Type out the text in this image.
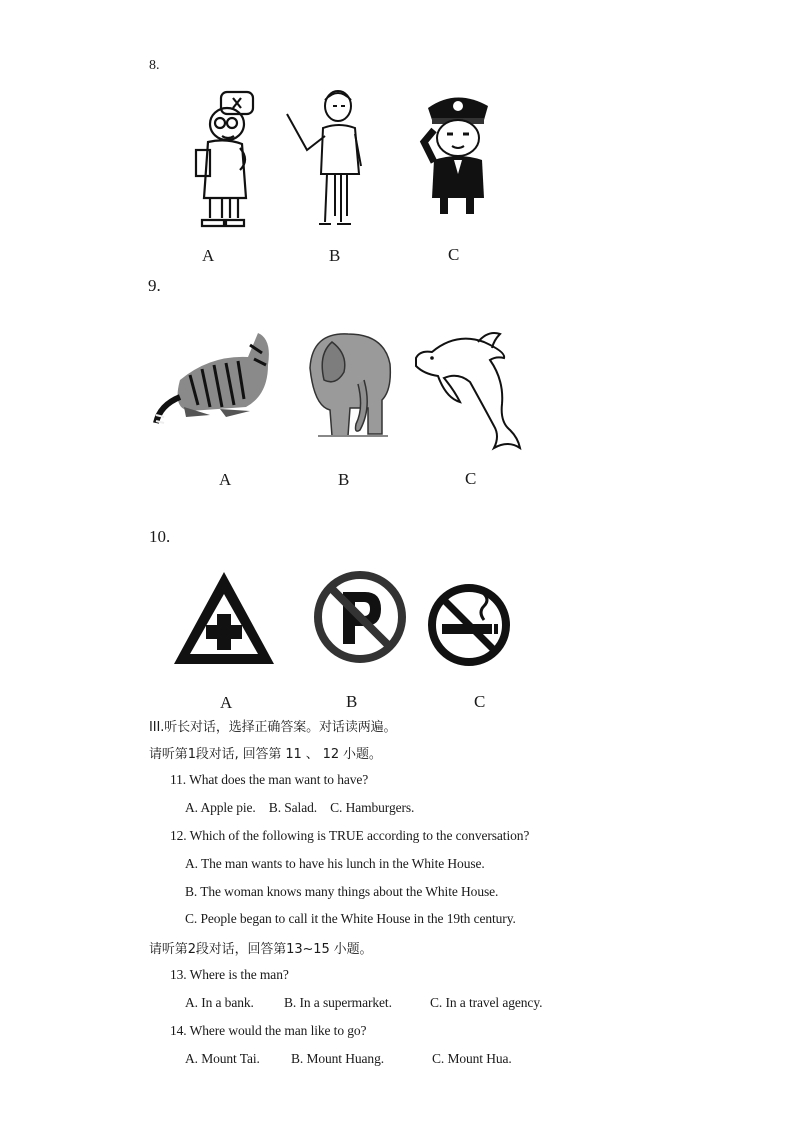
8.
A	B	C
9.
A	B	C
10.
A	B	C
III.听长对话，选择正确答案。对话读两遍。
请听第1段对话, 回答第 11 、 12 小题。
11. What does the man want to have?
A. Apple pie.    B. Salad.    C. Hamburgers.
12. Which of the following is TRUE according to the conversation?
A. The man wants to have his lunch in the White House.
B. The woman knows many things about the White House.
C. People began to call it the White House in the 19th century.
请听第2段对话，回答第13~15 小题。
13. Where is the man?
A. In a bank. B. In a supermarket.	C. In a travel agency.
14. Where would the man like to go?
A. Mount Tai. B. Mount Huang.	C. Mount Hua.
